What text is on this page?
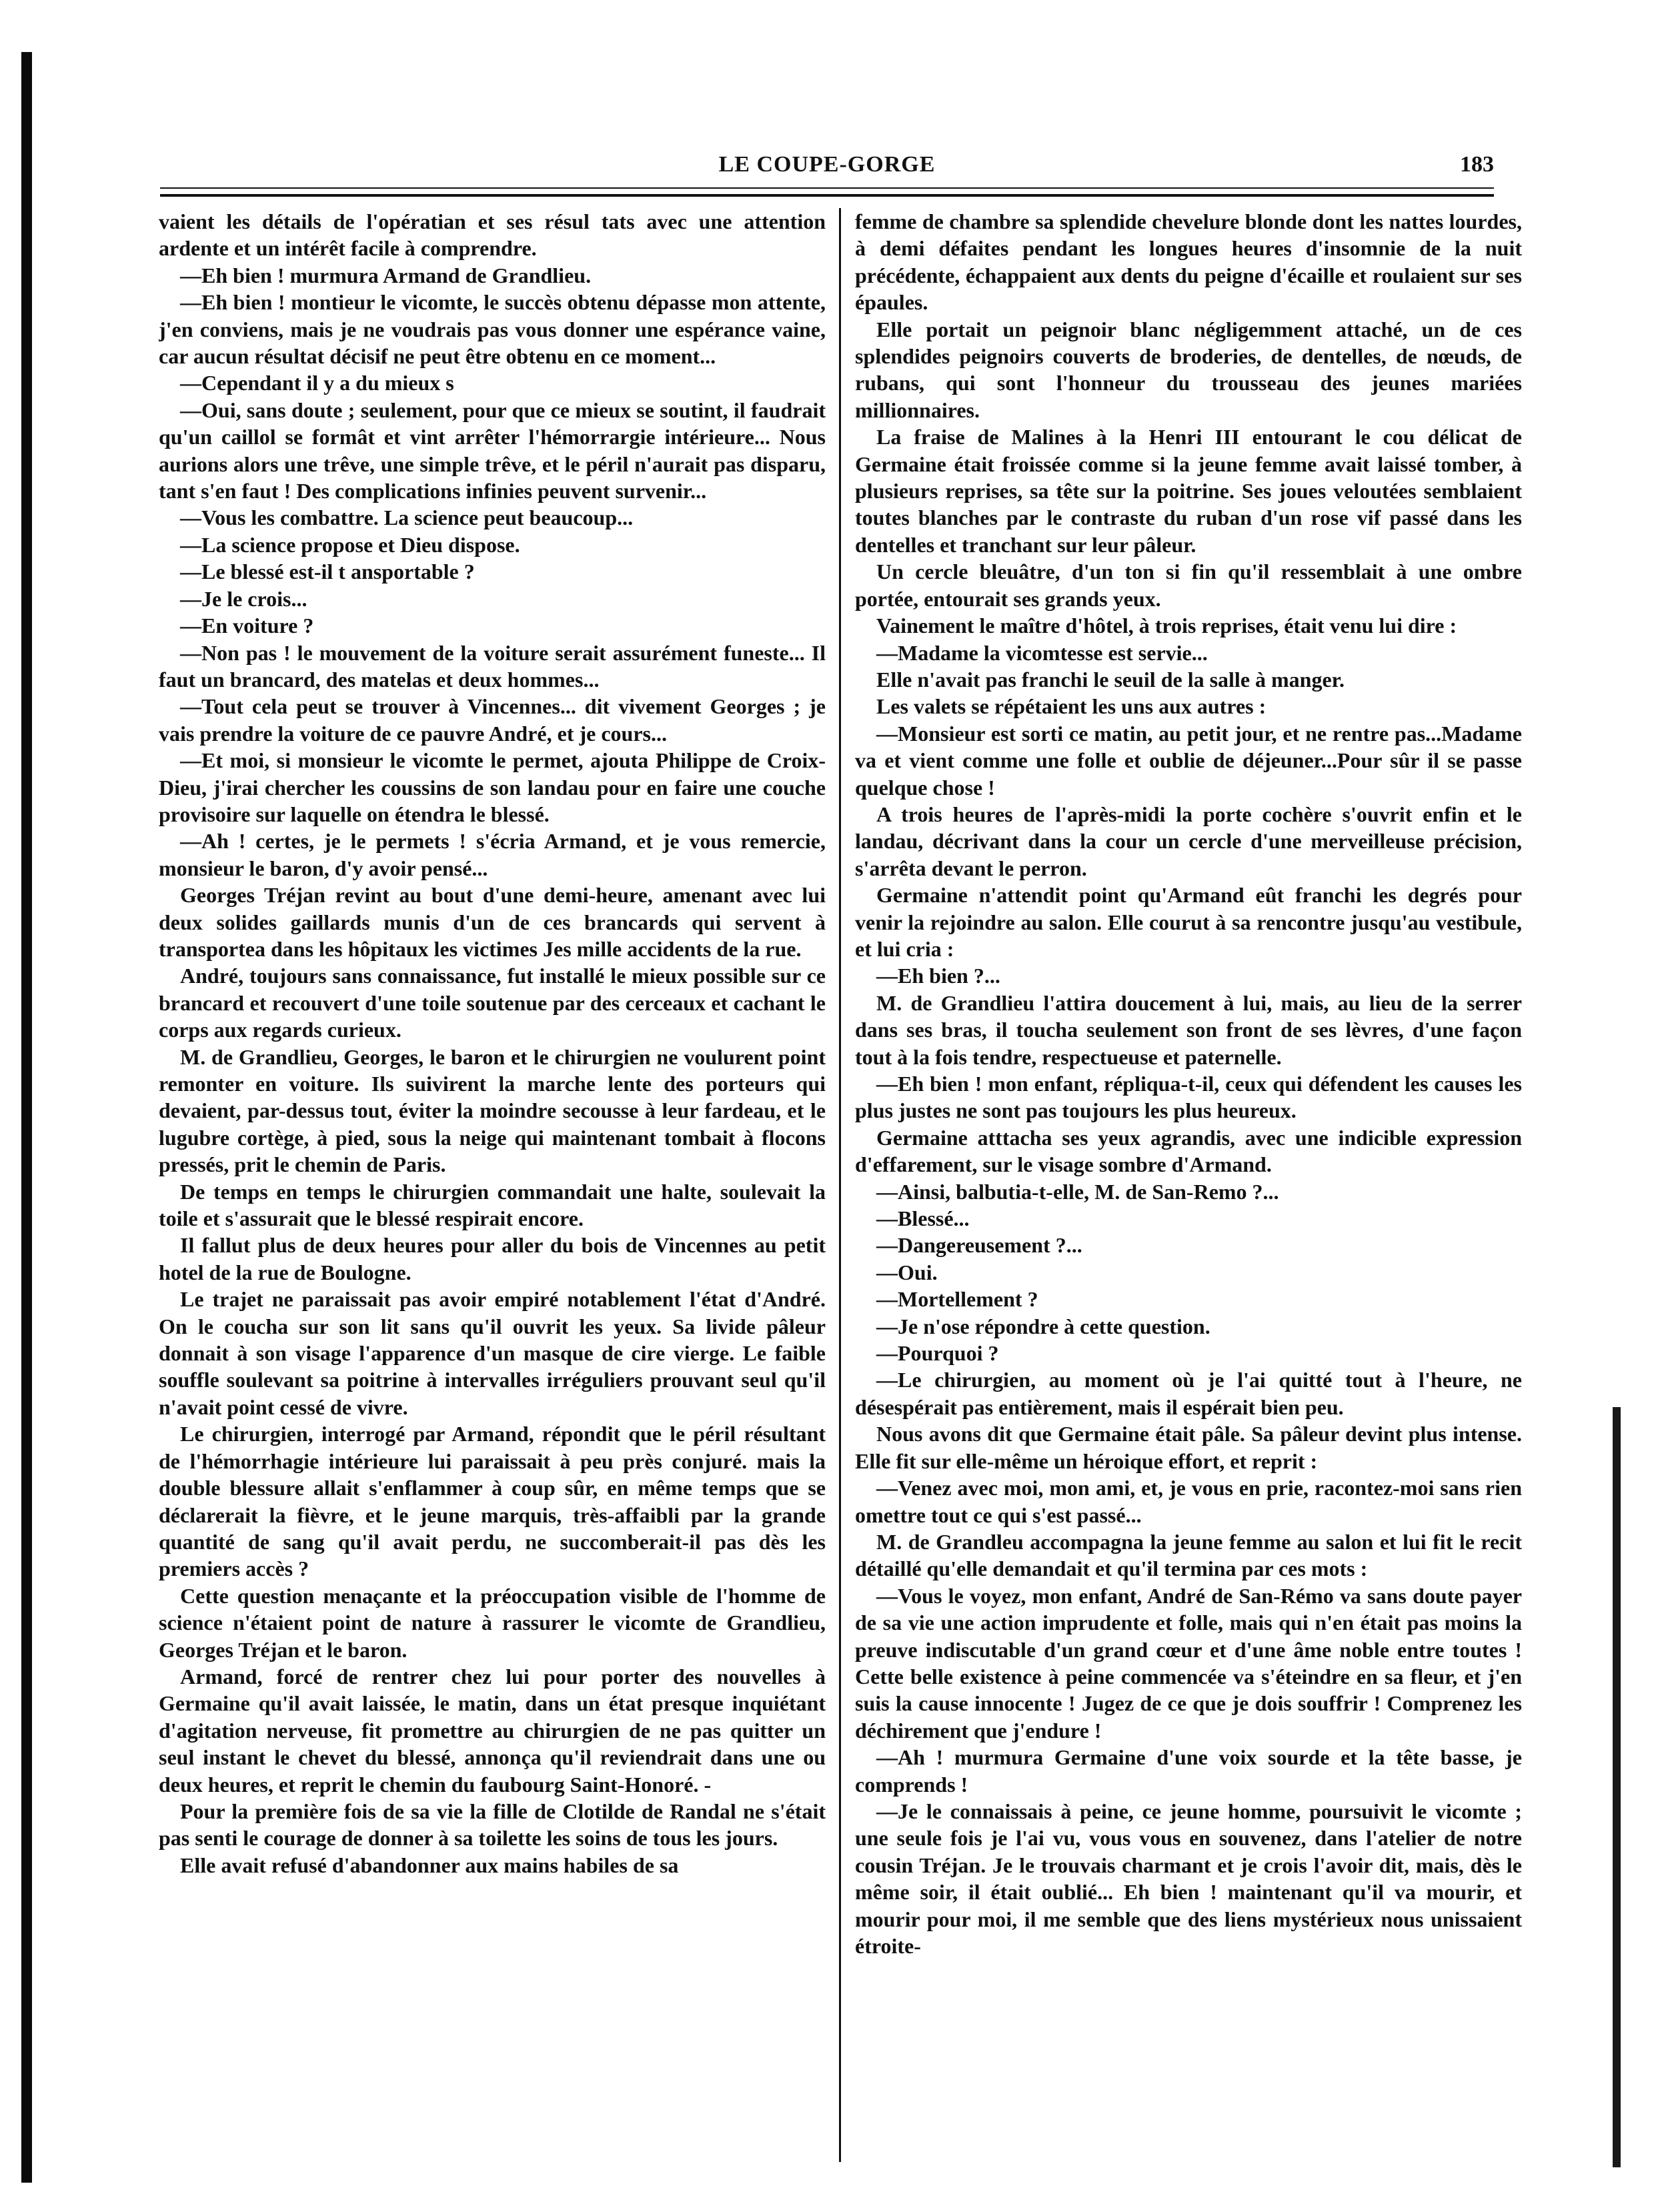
LE COUPE-GORGE	183

vaient les détails de l'opératian et ses résul tats avec une attention ardente et un intérêt facile à comprendre.

—Eh bien ! murmura Armand de Grandlieu.

—Eh bien ! montieur le vicomte, le succès obtenu dépasse mon attente, j'en conviens, mais je ne voudrais pas vous donner une espérance vaine, car aucun résultat décisif ne peut être obtenu en ce moment...

—Cependant il y a du mieux s

—Oui, sans doute ; seulement, pour que ce mieux se soutint, il faudrait qu'un caillol se formât et vint arrêter l'hémorrargie intérieure... Nous aurions alors une trêve, une simple trêve, et le péril n'aurait pas disparu, tant s'en faut ! Des complications infinies peuvent survenir...

—Vous les combattre. La science peut beaucoup...

—La science propose et Dieu dispose.

—Le blessé est-il t ansportable ?

—Je le crois...

—En voiture ?

—Non pas ! le mouvement de la voiture serait assurément funeste... Il faut un brancard, des matelas et deux hommes...

—Tout cela peut se trouver à Vincennes... dit vivement Georges ; je vais prendre la voiture de ce pauvre André, et je cours...

—Et moi, si monsieur le vicomte le permet, ajouta Philippe de Croix-Dieu, j'irai chercher les coussins de son landau pour en faire une couche provisoire sur laquelle on étendra le blessé.

—Ah ! certes, je le permets ! s'écria Armand, et je vous remercie, monsieur le baron, d'y avoir pensé...

Georges Tréjan revint au bout d'une demi-heure, amenant avec lui deux solides gaillards munis d'un de ces brancards qui servent à transportea dans les hôpitaux les victimes Jes mille accidents de la rue.

André, toujours sans connaissance, fut installé le mieux possible sur ce brancard et recouvert d'une toile soutenue par des cerceaux et cachant le corps aux regards curieux.

M. de Grandlieu, Georges, le baron et le chirurgien ne voulurent point remonter en voiture. Ils suivirent la marche lente des porteurs qui devaient, par-dessus tout, éviter la moindre secousse à leur fardeau, et le lugubre cortège, à pied, sous la neige qui maintenant tombait à flocons pressés, prit le chemin de Paris.

De temps en temps le chirurgien commandait une halte, soulevait la toile et s'assurait que le blessé respirait encore.

Il fallut plus de deux heures pour aller du bois de Vincennes au petit hotel de la rue de Boulogne.

Le trajet ne paraissait pas avoir empiré notablement l'état d'André. On le coucha sur son lit sans qu'il ouvrit les yeux. Sa livide pâleur donnait à son visage l'apparence d'un masque de cire vierge. Le faible souffle soulevant sa poitrine à intervalles irréguliers prouvant seul qu'il n'avait point cessé de vivre.

Le chirurgien, interrogé par Armand, répondit que le péril résultant de l'hémorrhagie intérieure lui paraissait à peu près conjuré. mais la double blessure allait s'enflammer à coup sûr, en même temps que se déclarerait la fièvre, et le jeune marquis, très-affaibli par la grande quantité de sang qu'il avait perdu, ne succomberait-il pas dès les premiers accès ?

Cette question menaçante et la préoccupation visible de l'homme de science n'étaient point de nature à rassurer le vicomte de Grandlieu, Georges Tréjan et le baron.

Armand, forcé de rentrer chez lui pour porter des nouvelles à Germaine qu'il avait laissée, le matin, dans un état presque inquiétant d'agitation nerveuse, fit promettre au chirurgien de ne pas quitter un seul instant le chevet du blessé, annonça qu'il reviendrait dans une ou deux heures, et reprit le chemin du faubourg Saint-Honoré. -

Pour la première fois de sa vie la fille de Clotilde de Randal ne s'était pas senti le courage de donner à sa toilette les soins de tous les jours.

Elle avait refusé d'abandonner aux mains habiles de sa

femme de chambre sa splendide chevelure blonde dont les nattes lourdes, à demi défaites pendant les longues heures d'insomnie de la nuit précédente, échappaient aux dents du peigne d'écaille et roulaient sur ses épaules.

Elle portait un peignoir blanc négligemment attaché, un de ces splendides peignoirs couverts de broderies, de dentelles, de nœuds, de rubans, qui sont l'honneur du trousseau des jeunes mariées millionnaires.

La fraise de Malines à la Henri III entourant le cou délicat de Germaine était froissée comme si la jeune femme avait laissé tomber, à plusieurs reprises, sa tête sur la poitrine. Ses joues veloutées semblaient toutes blanches par le contraste du ruban d'un rose vif passé dans les dentelles et tranchant sur leur pâleur.

Un cercle bleuâtre, d'un ton si fin qu'il ressemblait à une ombre portée, entourait ses grands yeux.

Vainement le maître d'hôtel, à trois reprises, était venu lui dire :

—Madame la vicomtesse est servie...

Elle n'avait pas franchi le seuil de la salle à manger.

Les valets se répétaient les uns aux autres :

—Monsieur est sorti ce matin, au petit jour, et ne rentre pas...Madame va et vient comme une folle et oublie de déjeuner...Pour sûr il se passe quelque chose !

A trois heures de l'après-midi la porte cochère s'ouvrit enfin et le landau, décrivant dans la cour un cercle d'une merveilleuse précision, s'arrêta devant le perron.

Germaine n'attendit point qu'Armand eût franchi les degrés pour venir la rejoindre au salon. Elle courut à sa rencontre jusqu'au vestibule, et lui cria :

—Eh bien ?...

M. de Grandlieu l'attira doucement à lui, mais, au lieu de la serrer dans ses bras, il toucha seulement son front de ses lèvres, d'une façon tout à la fois tendre, respectueuse et paternelle.

—Eh bien ! mon enfant, répliqua-t-il, ceux qui défendent les causes les plus justes ne sont pas toujours les plus heureux.

Germaine atttacha ses yeux agrandis, avec une indicible expression d'effarement, sur le visage sombre d'Armand.

—Ainsi, balbutia-t-elle, M. de San-Remo ?...

—Blessé...

—Dangereusement ?...

—Oui.

—Mortellement ?

—Je n'ose répondre à cette question.

—Pourquoi ?

—Le chirurgien, au moment où je l'ai quitté tout à l'heure, ne désespérait pas entièrement, mais il espérait bien peu.

Nous avons dit que Germaine était pâle. Sa pâleur devint plus intense. Elle fit sur elle-même un héroique effort, et reprit :

—Venez avec moi, mon ami, et, je vous en prie, racontez-moi sans rien omettre tout ce qui s'est passé...

M. de Grandleu accompagna la jeune femme au salon et lui fit le recit détaillé qu'elle demandait et qu'il termina par ces mots :

—Vous le voyez, mon enfant, André de San-Rémo va sans doute payer de sa vie une action imprudente et folle, mais qui n'en était pas moins la preuve indiscutable d'un grand cœur et d'une âme noble entre toutes ! Cette belle existence à peine commencée va s'éteindre en sa fleur, et j'en suis la cause innocente ! Jugez de ce que je dois souffrir ! Comprenez les déchirement que j'endure !

—Ah ! murmura Germaine d'une voix sourde et la tête basse, je comprends !

—Je le connaissais à peine, ce jeune homme, poursuivit le vicomte ; une seule fois je l'ai vu, vous vous en souvenez, dans l'atelier de notre cousin Tréjan. Je le trouvais charmant et je crois l'avoir dit, mais, dès le même soir, il était oublié... Eh bien ! maintenant qu'il va mourir, et mourir pour moi, il me semble que des liens mystérieux nous unissaient étroite-
